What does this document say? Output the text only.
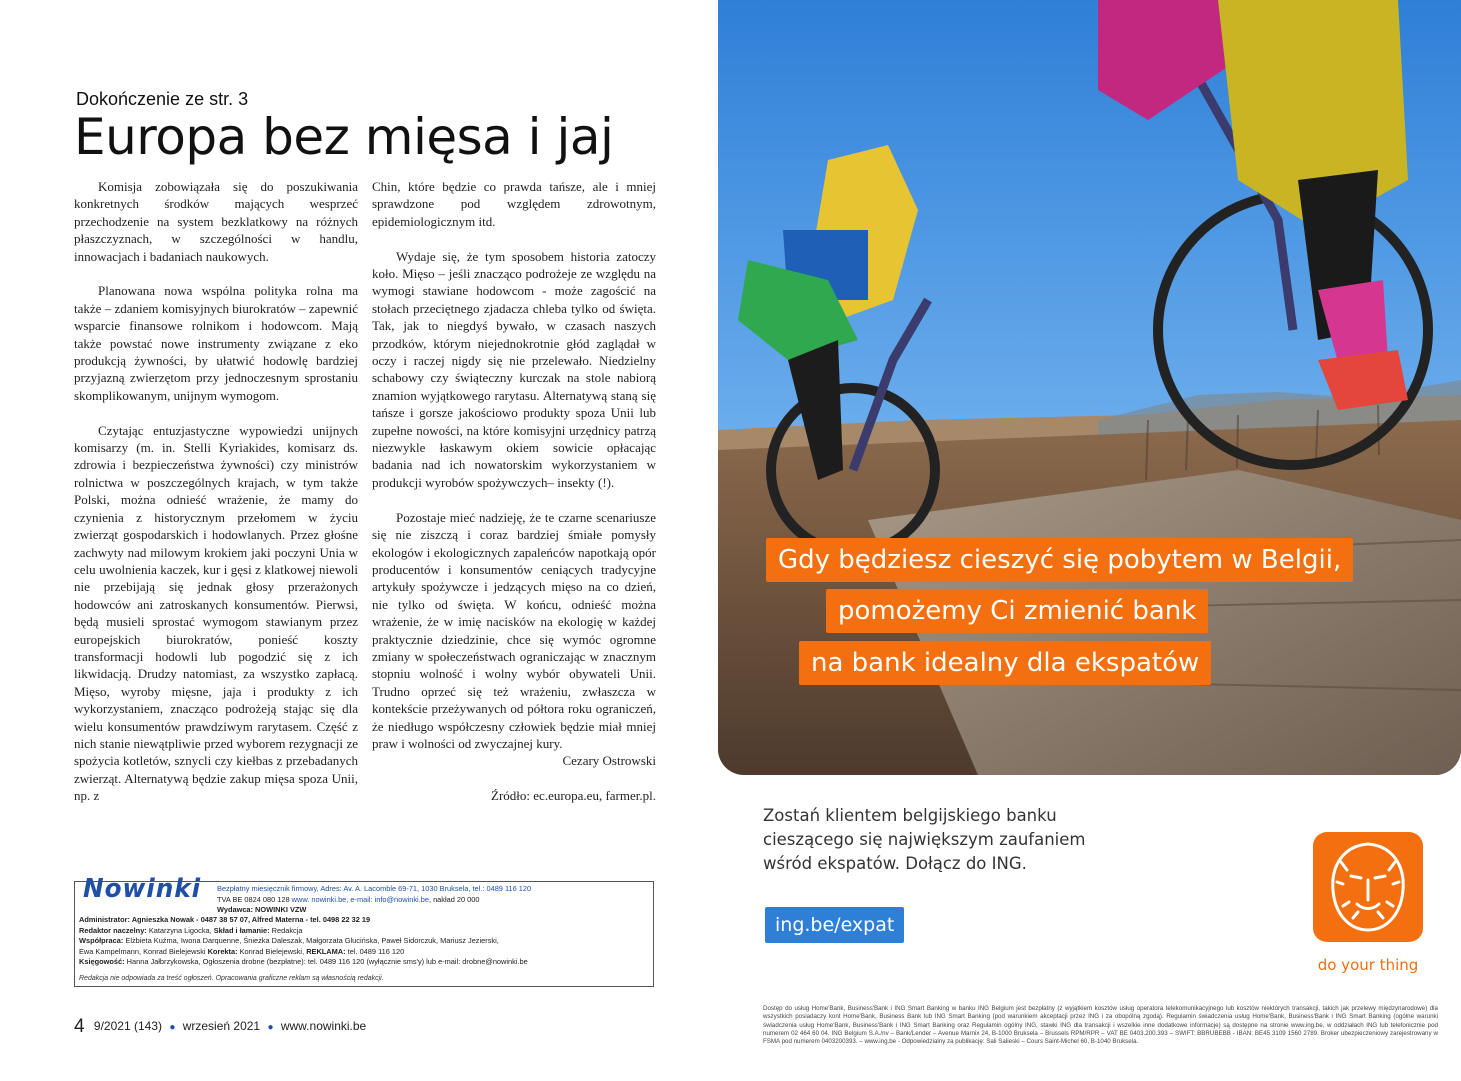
Dokończenie ze str. 3
Europa bez mięsa i jaj

Komisja zobowiązała się do poszukiwania konkretnych środków mających wesprzeć przechodzenie na system bezklatkowy na różnych płaszczyznach, w szczególności w handlu, innowacjach i badaniach naukowych.

Planowana nowa wspólna polityka rolna ma także – zdaniem komisyjnych biurokratów – zapewnić wsparcie finansowe rolnikom i hodowcom. Mają także powstać nowe instrumenty związane z eko produkcją żywności, by ułatwić hodowlę bardziej przyjazną zwierzętom przy jednoczesnym sprostaniu skomplikowanym, unijnym wymogom.

Czytając entuzjastyczne wypowiedzi unijnych komisarzy (m. in. Stelli Kyriakides, komisarz ds. zdrowia i bezpieczeństwa żywności) czy ministrów rolnictwa w poszczególnych krajach, w tym także Polski, można odnieść wrażenie, że mamy do czynienia z historycznym przełomem w życiu zwierząt gospodarskich i hodowlanych. Przez głośne zachwyty nad milowym krokiem jaki poczyni Unia w celu uwolnienia kaczek, kur i gęsi z klatkowej niewoli nie przebijają się jednak głosy przerażonych hodowców ani zatroskanych konsumentów. Pierwsi, będą musieli sprostać wymogom stawianym przez europejskich biurokratów, ponieść koszty transformacji hodowli lub pogodzić się z ich likwidacją. Drudzy natomiast, za wszystko zapłacą. Mięso, wyroby mięsne, jaja i produkty z ich wykorzystaniem, znacząco podrożeją stając się dla wielu konsumentów prawdziwym rarytasem. Część z nich stanie niewątpliwie przed wyborem rezygnacji ze spożycia kotletów, sznycli czy kiełbas z przebadanych zwierząt. Alternatywą będzie zakup mięsa spoza Unii, np. z

Chin, które będzie co prawda tańsze, ale i mniej sprawdzone pod względem zdrowotnym, epidemiologicznym itd.

Wydaje się, że tym sposobem historia zatoczy koło. Mięso – jeśli znacząco podrożeje ze względu na wymogi stawiane hodowcom - może zagościć na stołach przeciętnego zjadacza chleba tylko od święta. Tak, jak to niegdyś bywało, w czasach naszych przodków, którym niejednokrotnie głód zaglądał w oczy i raczej nigdy się nie przelewało. Niedzielny schabowy czy świąteczny kurczak na stole nabiorą znamion wyjątkowego rarytasu. Alternatywą staną się tańsze i gorsze jakościowo produkty spoza Unii lub zupełne nowości, na które komisyjni urzędnicy patrzą niezwykle łaskawym okiem sowicie opłacając badania nad ich nowatorskim wykorzystaniem w produkcji wyrobów spożywczych– insekty (!).

Pozostaje mieć nadzieję, że te czarne scenariusze się nie ziszczą i coraz bardziej śmiałe pomysły ekologów i ekologicznych zapaleńców napotkają opór producentów i konsumentów ceniących tradycyjne artykuły spożywcze i jedzących mięso na co dzień, nie tylko od święta. W końcu, odnieść można wrażenie, że w imię nacisków na ekologię w każdej praktycznie dziedzinie, chce się wymóc ogromne zmiany w społeczeństwach ograniczając w znacznym stopniu wolność i wolny wybór obywateli Unii. Trudno oprzeć się też wrażeniu, zwłaszcza w kontekście przeżywanych od półtora roku ograniczeń, że niedługo współczesny człowiek będzie miał mniej praw i wolności od zwyczajnej kury.

Cezary Ostrowski

Źródło: ec.europa.eu, farmer.pl.

Nowinki Bezpłatny miesięcznik firmowy, Adres: Av. A. Lacomble 69-71, 1030 Bruksela, tel.: 0489 116 120
TVA BE 0824 080 128 www. nowinki.be, e-mail: info@nowinki.be, nakład 20 000
Wydawca: NOWINKI VZW
Administrator: Agnieszka Nowak - 0487 38 57 07, Alfred Materna - tel. 0498 22 32 19
Redaktor naczelny: Katarzyna Ligocka, Skład i łamanie: Redakcja
Współpraca: Elżbieta Kuźma, Iwona Darquenne, Śnieżka Daleszak, Małgorzata Glucińska, Paweł Sidorczuk, Mariusz Jezierski,
Ewa Kampelmann, Konrad Bielejewski Korekta: Konrad Bielejewski, REKLAMA: tel. 0489 116 120
Księgowość: Hanna Jałbrzykowska, Ogłoszenia drobne (bezpłatne): tel. 0489 116 120 (wyłącznie sms'y) lub e-mail: drobne@nowinki.be
Redakcja nie odpowiada za treść ogłoszeń. Opracowania graficzne reklam są własnością redakcji.
4 9/2021 (143) ● wrzesień 2021 ● www.nowinki.be
Gdy będziesz cieszyć się pobytem w Belgii,
pomożemy Ci zmienić bank
na bank idealny dla ekspatów
Zostań klientem belgijskiego banku cieszącego się największym zaufaniem wśród ekspatów. Dołącz do ING.
ing.be/expat
do your thing
Dostęp do usług Home'Bank, Business'Bank i ING Smart Banking w banku ING Belgium jest bezpłatny (z wyjątkiem kosztów usług operatora telekomunikacyjnego lub kosztów niektórych transakcji, takich jak przelewy międzynarodowe) dla wszystkich posiadaczy kont Home'Bank, Business Bank lub ING Smart Banking (pod warunkiem akceptacji przez ING i za obopólną zgodą). Regulamin świadczenia usług Home'Bank, Business'Bank i ING Smart Banking (ogólne warunki świadczenia usług Home'Bank, Business'Bank i ING Smart Banking oraz Regulamin ogólny ING, stawki ING dla transakcji i wszelkie inne dodatkowe informacje) są dostępne na stronie www.ing.be, w oddziałach ING lub telefonicznie pod numerem 02 464 60 04. ING Belgium S.A./nv – Bank/Lender – Avenue Marnix 24, B-1000 Bruksela – Brussels RPM/RPR – VAT BE 0403.200.393 – SWIFT: BBRUBEBB - IBAN: BE45 3109 1560 2789. Broker ubezpieczeniowy zarejestrowany w FSMA pod numerem 0403200393. – www.ing.be - Odpowiedzialny za publikację: Sali Salieski – Cours Saint-Michel 60, B-1040 Bruksela.
